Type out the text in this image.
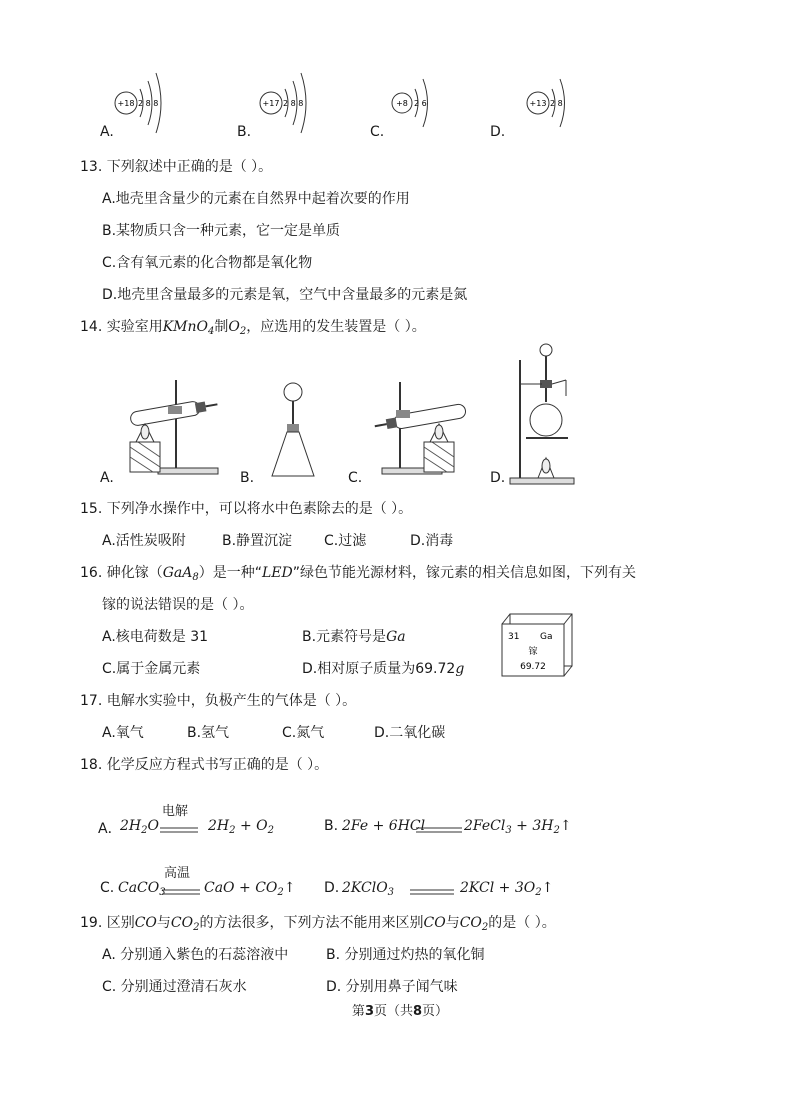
+18 2 8 8
A.
+17 2 8 8
B.
+8 2 6
C.
+13 2 8
D.
13. 下列叙述中正确的是（ ）。
A.地壳里含量少的元素在自然界中起着次要的作用
B.某物质只含一种元素，它一定是单质
C.含有氧元素的化合物都是氧化物
D.地壳里含量最多的元素是氧，空气中含量最多的元素是氮
14. 实验室用KMnO$_4$制$O_2$，应选用的发生装置是（ ）。
A.	B.	C.	D.
15. 下列净水操作中，可以将水中色素除去的是（ ）。
A.活性炭吸附	B.静置沉淀 C.过滤	D.消毒
16. 砷化镓（GaA$_8$）是一种“LED”绿色节能光源材料，镓元素的相关信息如图，下列有关
镓的说法错误的是（ ）。
A.核电荷数是 31	B.元素符号是Ga
C.属于金属元素	D.相对原子质量为69.72g
31 Ga
镓
69.72
17. 电解水实验中，负极产生的气体是（ ）。
A.氧气	B.氢气	C.氮气	D.二氧化碳
18. 化学反应方程式书写正确的是（ ）。
A．
$2H_2O$
电解
$2H_2 + O_2$	B. 2Fe + 6HCl	2FeCl$_3$ + $3H_2↑$
C. CaCO$_3$
高温
CaO + $CO_2↑$ D. 2KClO$_3$	$2KCl + 3O_2↑$
19. 区别CO与$CO_2$的方法很多，下列方法不能用来区别CO与$CO_2$的是（ ）。
A. 分别通入紫色的石蕊溶液中	B. 分别通过灼热的氧化铜
C. 分别通过澄清石灰水	D. 分别用鼻子闻气味
第3页（共8页）
